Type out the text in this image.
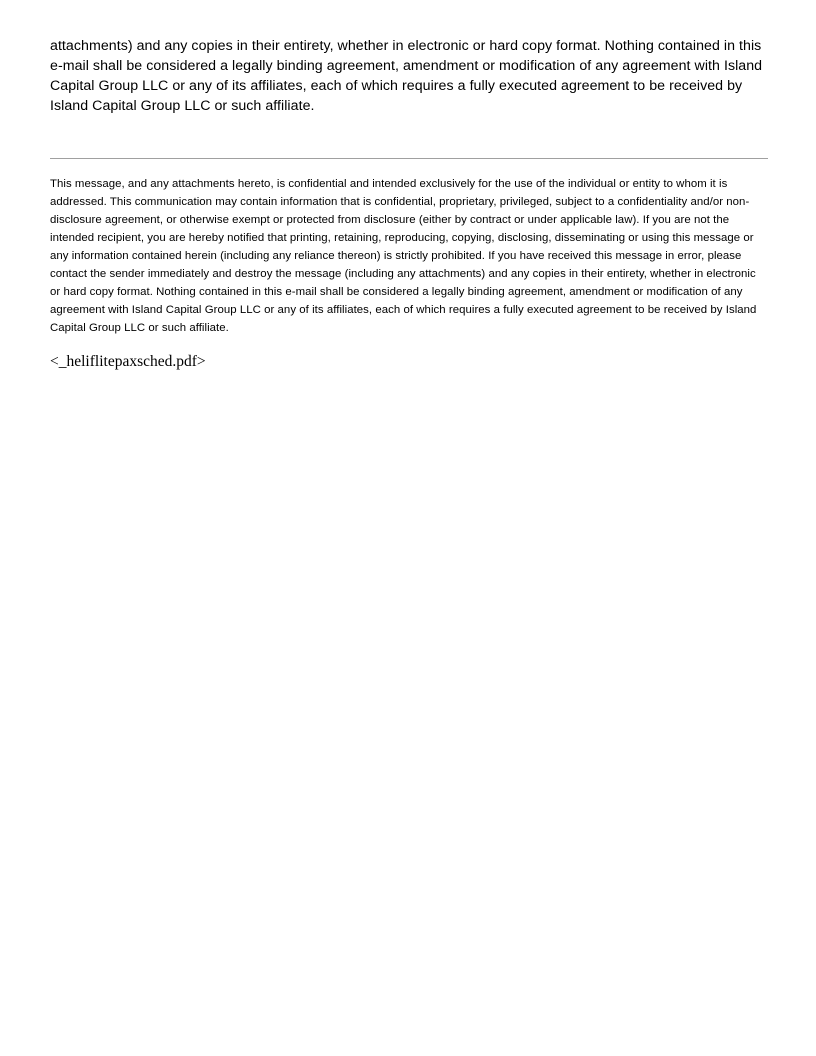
attachments) and any copies in their entirety, whether in electronic or hard copy format. Nothing contained in this e-mail shall be considered a legally binding agreement, amendment or modification of any agreement with Island Capital Group LLC or any of its affiliates, each of which requires a fully executed agreement to be received by Island Capital Group LLC or such affiliate.

This message, and any attachments hereto, is confidential and intended exclusively for the use of the individual or entity to whom it is addressed. This communication may contain information that is confidential, proprietary, privileged, subject to a confidentiality and/or non-disclosure agreement, or otherwise exempt or protected from disclosure (either by contract or under applicable law). If you are not the intended recipient, you are hereby notified that printing, retaining, reproducing, copying, disclosing, disseminating or using this message or any information contained herein (including any reliance thereon) is strictly prohibited. If you have received this message in error, please contact the sender immediately and destroy the message (including any attachments) and any copies in their entirety, whether in electronic or hard copy format. Nothing contained in this e-mail shall be considered a legally binding agreement, amendment or modification of any agreement with Island Capital Group LLC or any of its affiliates, each of which requires a fully executed agreement to be received by Island Capital Group LLC or such affiliate.

<_heliflitepaxsched.pdf>
